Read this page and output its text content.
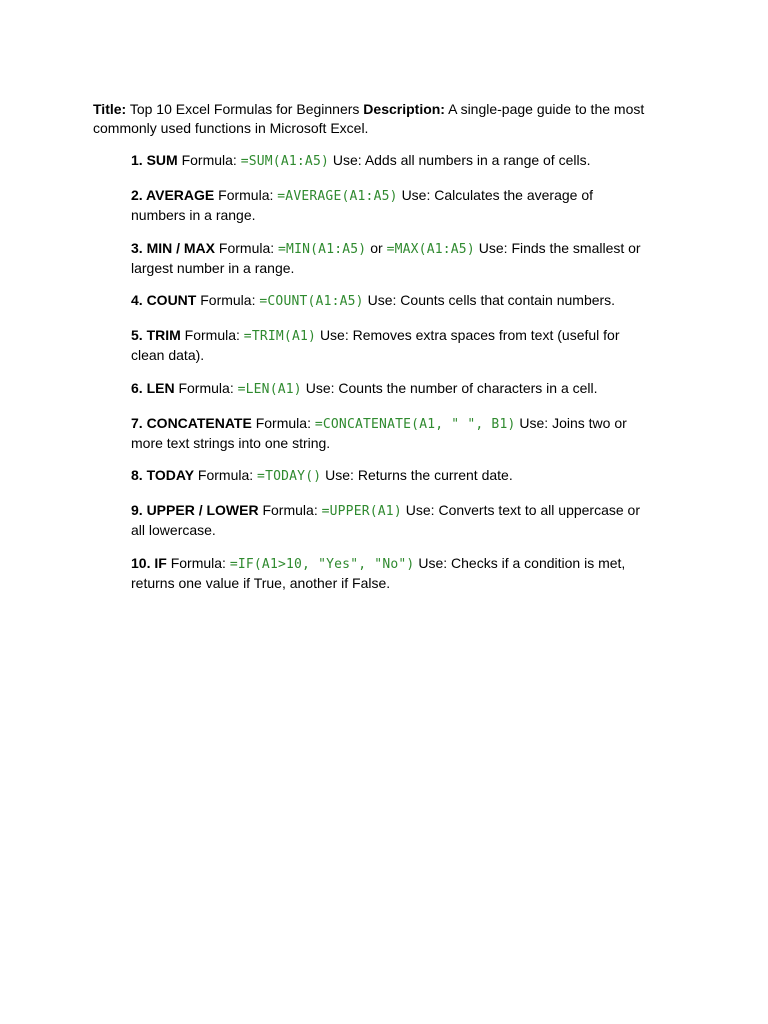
Title: Top 10 Excel Formulas for Beginners Description: A single-page guide to the most commonly used functions in Microsoft Excel.

1. SUM Formula: =SUM(A1:A5) Use: Adds all numbers in a range of cells.

2. AVERAGE Formula: =AVERAGE(A1:A5) Use: Calculates the average of numbers in a range.

3. MIN / MAX Formula: =MIN(A1:A5) or =MAX(A1:A5) Use: Finds the smallest or largest number in a range.

4. COUNT Formula: =COUNT(A1:A5) Use: Counts cells that contain numbers.

5. TRIM Formula: =TRIM(A1) Use: Removes extra spaces from text (useful for clean data).

6. LEN Formula: =LEN(A1) Use: Counts the number of characters in a cell.

7. CONCATENATE Formula: =CONCATENATE(A1, " ", B1) Use: Joins two or more text strings into one string.

8. TODAY Formula: =TODAY() Use: Returns the current date.

9. UPPER / LOWER Formula: =UPPER(A1) Use: Converts text to all uppercase or all lowercase.

10. IF Formula: =IF(A1>10, "Yes", "No") Use: Checks if a condition is met, returns one value if True, another if False.
